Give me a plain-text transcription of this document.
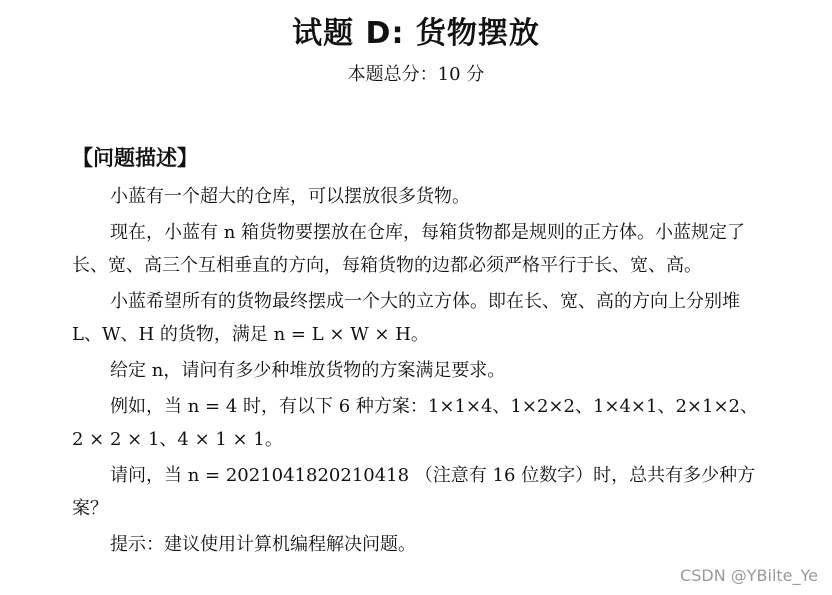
试题 D: 货物摆放
本题总分：10 分
【问题描述】

小蓝有一个超大的仓库，可以摆放很多货物。

现在，小蓝有 n 箱货物要摆放在仓库，每箱货物都是规则的正方体。小蓝规定了长、宽、高三个互相垂直的方向，每箱货物的边都必须严格平行于长、宽、高。

小蓝希望所有的货物最终摆成一个大的立方体。即在长、宽、高的方向上分别堆 L、W、H 的货物，满足 n = L × W × H。

给定 n，请问有多少种堆放货物的方案满足要求。

例如，当 n = 4 时，有以下 6 种方案：1×1×4、1×2×2、1×4×1、2×1×2、2 × 2 × 1、4 × 1 × 1。

请问，当 n = 2021041820210418 （注意有 16 位数字）时，总共有多少种方案？

提示：建议使用计算机编程解决问题。

CSDN @YBilte_Ye
